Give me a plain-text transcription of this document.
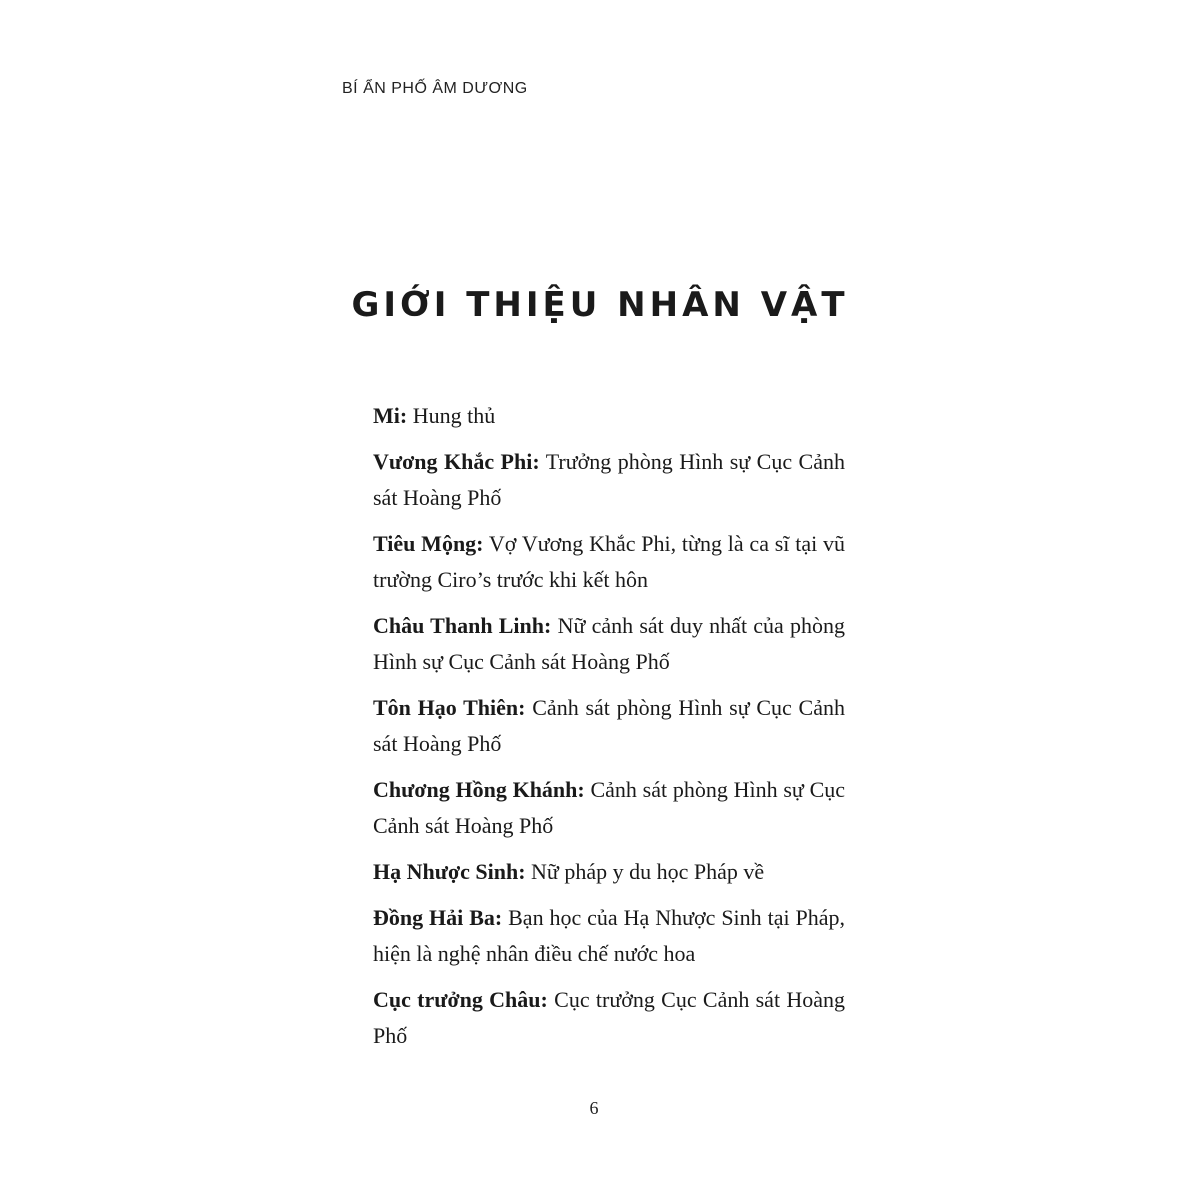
BÍ ẨN PHỐ ÂM DƯƠNG
GIỚI THIỆU NHÂN VẬT
Mi: Hung thủ
Vương Khắc Phi: Trưởng phòng Hình sự Cục Cảnh sát Hoàng Phố
Tiêu Mộng: Vợ Vương Khắc Phi, từng là ca sĩ tại vũ trường Ciro’s trước khi kết hôn
Châu Thanh Linh: Nữ cảnh sát duy nhất của phòng Hình sự Cục Cảnh sát Hoàng Phố
Tôn Hạo Thiên: Cảnh sát phòng Hình sự Cục Cảnh sát Hoàng Phố
Chương Hồng Khánh: Cảnh sát phòng Hình sự Cục Cảnh sát Hoàng Phố
Hạ Nhược Sinh: Nữ pháp y du học Pháp về
Đồng Hải Ba: Bạn học của Hạ Nhược Sinh tại Pháp, hiện là nghệ nhân điều chế nước hoa
Cục trưởng Châu: Cục trưởng Cục Cảnh sát Hoàng Phố
6
